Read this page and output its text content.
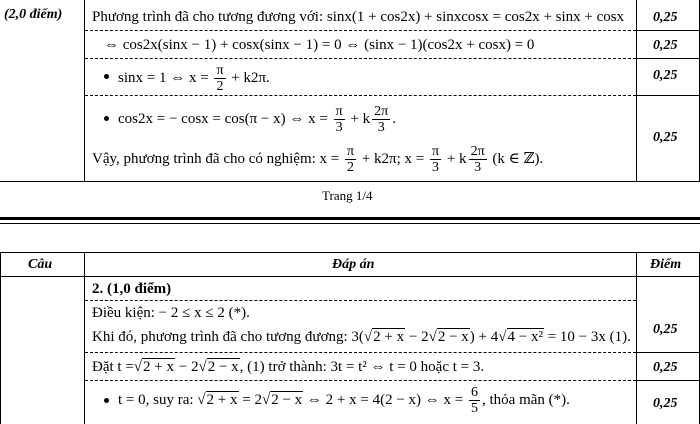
(2,0 điểm) Phương trình đã cho tương đương với: sinx(1 + cos2x) + sinxcosx = cos2x + sinx + cosx
⇔ cos2x(sinx − 1) + cosx(sinx − 1) = 0 ⇔ (sinx − 1)(cos2x + cosx) = 0
sinx = 1 ⇔ $x = \frac{\pi}{2} + k2\pi$.
cos2x = − cosx = cos(π − x) ⇔ $x = \frac{\pi}{3} + k \frac{2\pi}{3}$ .
Vậy, phương trình đã cho có nghiệm: $x = \frac{\pi}{2} + k2\pi$; $x = \frac{\pi}{3} + k \frac{2\pi}{3} (k$ ∈ ℤ).
0,25
0,25
0,25
0,25
Trang 1/4
Câu	Đáp án	Điểm
2. (1,0 điểm)
Điều kiện: − 2 ≤ x ≤ 2 (*).
Khi đó, phương trình đã cho tương đương: 3(√2 + x − 2√2 − x) + 4√4 − x² = 10 − 3x (1).
Đặt t =√2 + x − 2√2 − x, (1) trở thành: 3t = t² ⇔ t = 0 hoặc t = 3.
t = 0, suy ra: √2 + x = 2√2 − x ⇔ 2 + x = 4(2 − x) ⇔ $x = \frac{6}{5}$ , thỏa mãn (*).
0,25
0,25
0,25
